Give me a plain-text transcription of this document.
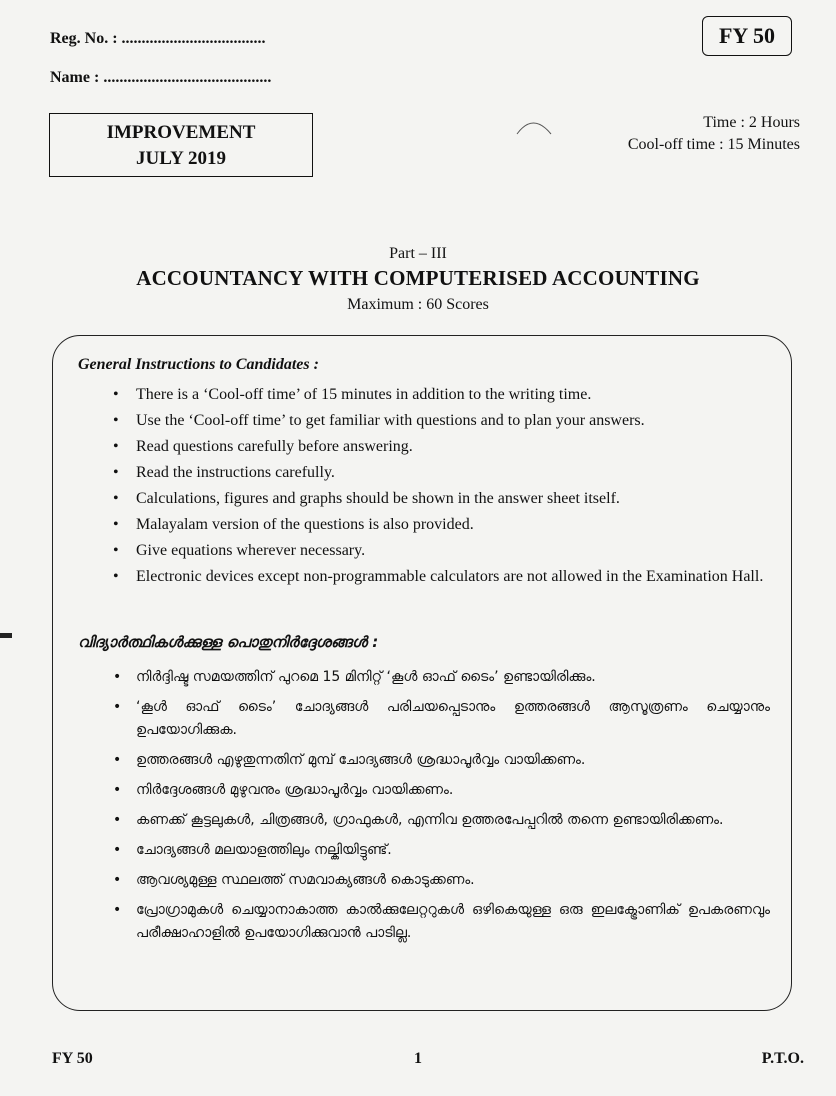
Reg. No. : ....................................
Name : ..........................................
FY 50
IMPROVEMENT
JULY 2019
Time : 2 Hours
Cool-off time : 15 Minutes
Part – III
ACCOUNTANCY WITH COMPUTERISED ACCOUNTING
Maximum : 60 Scores
General Instructions to Candidates :
• There is a ‘Cool-off time’ of 15 minutes in addition to the writing time.
• Use the ‘Cool-off time’ to get familiar with questions and to plan your answers.
• Read questions carefully before answering.
• Read the instructions carefully.
• Calculations, figures and graphs should be shown in the answer sheet itself.
• Malayalam version of the questions is also provided.
• Give equations wherever necessary.
• Electronic devices except non-programmable calculators are not allowed in the Examination Hall.
വിദ്യാർത്ഥികൾക്കുള്ള പൊതുനിർദ്ദേശങ്ങൾ :
• നിർദ്ദിഷ്ട സമയത്തിന് പുറമെ 15 മിനിറ്റ് ‘കൂൾ ഓഫ് ടൈം’ ഉണ്ടായിരിക്കും.
• ‘കൂൾ ഓഫ് ടൈം’ ചോദ്യങ്ങൾ പരിചയപ്പെടാനും ഉത്തരങ്ങൾ ആസൂത്രണം ചെയ്യാനും ഉപയോഗിക്കുക.
• ഉത്തരങ്ങൾ എഴുതുന്നതിന് മുമ്പ് ചോദ്യങ്ങൾ ശ്രദ്ധാപൂർവ്വം വായിക്കണം.
• നിർദ്ദേശങ്ങൾ മുഴുവനും ശ്രദ്ധാപൂർവ്വം വായിക്കണം.
• കണക്ക് കൂട്ടലുകൾ, ചിത്രങ്ങൾ, ഗ്രാഫുകൾ, എന്നിവ ഉത്തരപേപ്പറിൽ തന്നെ ഉണ്ടായിരിക്കണം.
• ചോദ്യങ്ങൾ മലയാളത്തിലും നല്കിയിട്ടുണ്ട്.
• ആവശ്യമുള്ള സ്ഥലത്ത് സമവാക്യങ്ങൾ കൊടുക്കണം.
• പ്രോഗ്രാമുകൾ ചെയ്യാനാകാത്ത കാൽക്കുലേറ്ററുകൾ ഒഴികെയുള്ള ഒരു ഇലക്ട്രോണിക് ഉപകരണവും പരീക്ഷാഹാളിൽ ഉപയോഗിക്കുവാൻ പാടില്ല.
FY 50	1	P.T.O.
